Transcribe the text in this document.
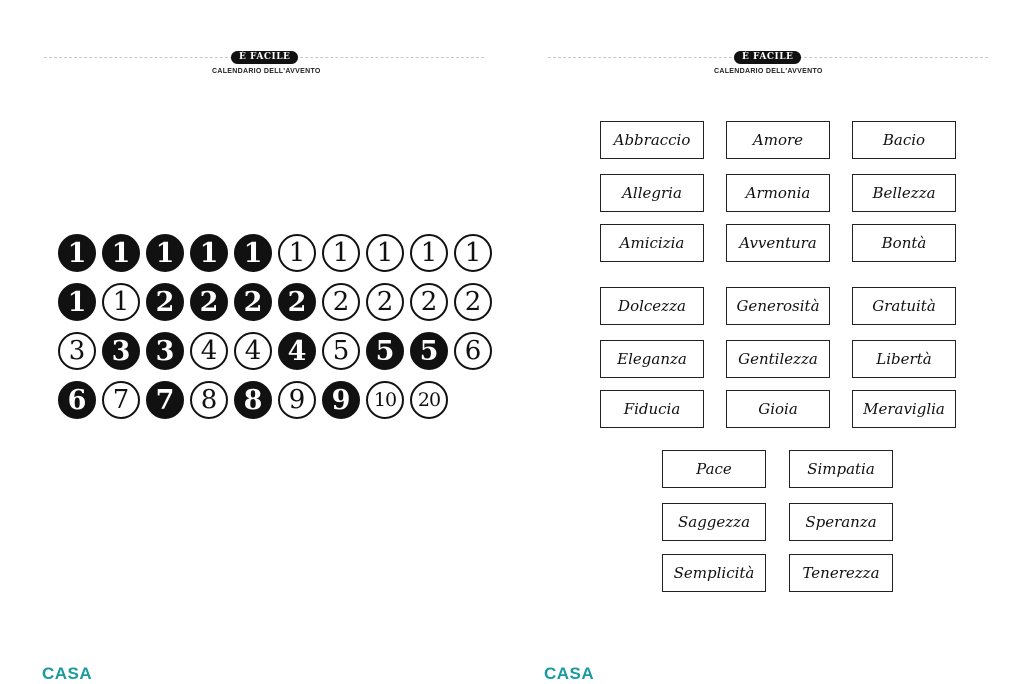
È FACILE
CALENDARIO DELL'AVVENTO
1 1 1 1 1	1	1	1	1	1
1	1 2 2 2 2	2	2	2	2
3 3 3	4	4 4	5 5 5	6
6	7 7	8 8	9 9	10	20
CASA
È FACILE
CALENDARIO DELL'AVVENTO
Abbraccio	Amore	Bacio
Allegria	Armonia	Bellezza
Amicizia	Avventura	Bontà
Dolcezza	Generosità	Gratuità
Eleganza	Gentilezza	Libertà
Fiducia	Gioia	Meraviglia
Pace	Simpatia
Saggezza	Speranza
Semplicità	Tenerezza
CASA
